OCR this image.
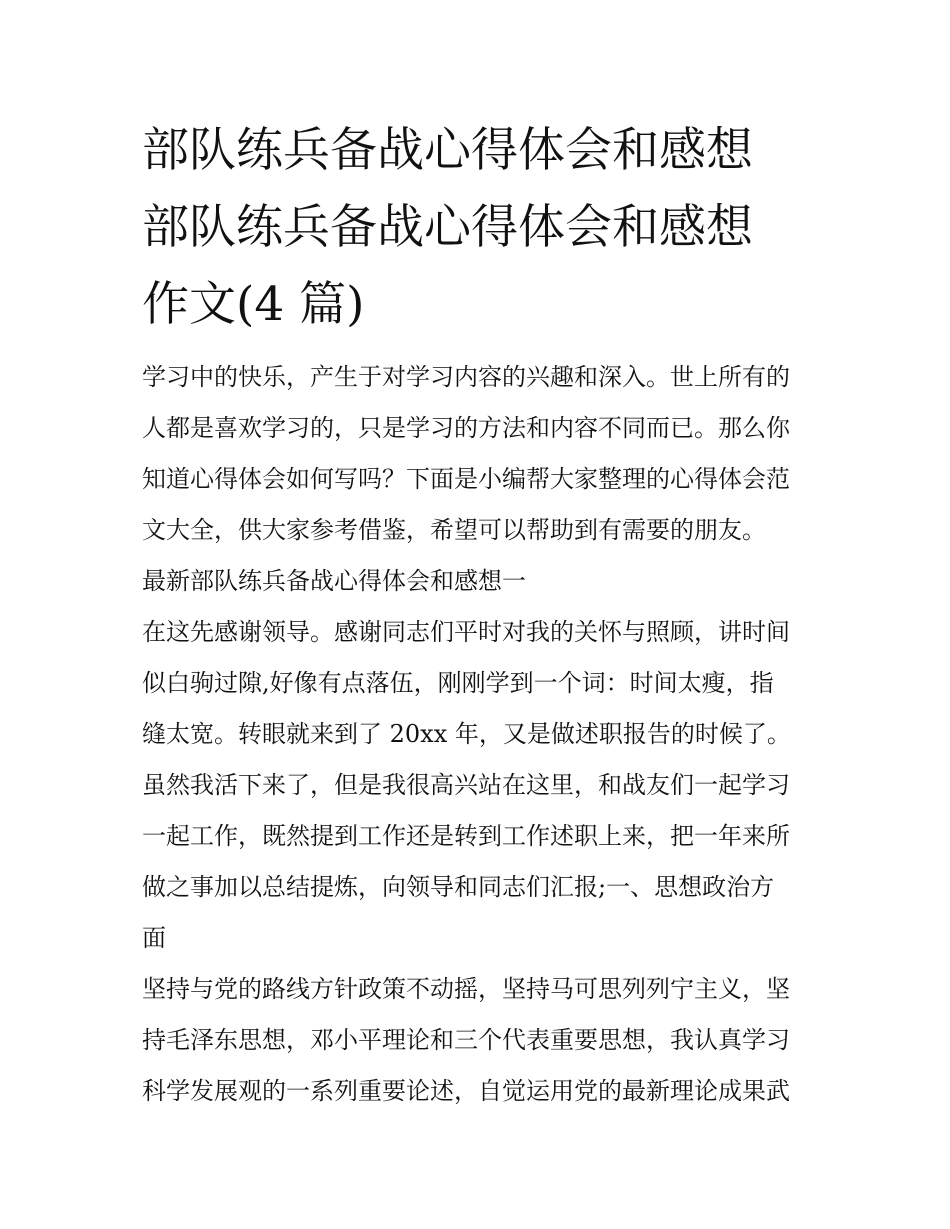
部队练兵备战心得体会和感想
部队练兵备战心得体会和感想
作文(4 篇)

学习中的快乐，产生于对学习内容的兴趣和深入。世上所有的
人都是喜欢学习的，只是学习的方法和内容不同而已。那么你
知道心得体会如何写吗？下面是小编帮大家整理的心得体会范
文大全，供大家参考借鉴，希望可以帮助到有需要的朋友。

最新部队练兵备战心得体会和感想一

在这先感谢领导。感谢同志们平时对我的关怀与照顾，讲时间
似白驹过隙,好像有点落伍，刚刚学到一个词：时间太瘦，指
缝太宽。转眼就来到了 20xx 年，又是做述职报告的时候了。
虽然我活下来了，但是我很高兴站在这里，和战友们一起学习
一起工作，既然提到工作还是转到工作述职上来，把一年来所
做之事加以总结提炼，向领导和同志们汇报;一、思想政治方
面

坚持与党的路线方针政策不动摇，坚持马可思列列宁主义，坚
持毛泽东思想，邓小平理论和三个代表重要思想，我认真学习
科学发展观的一系列重要论述，自觉运用党的最新理论成果武
